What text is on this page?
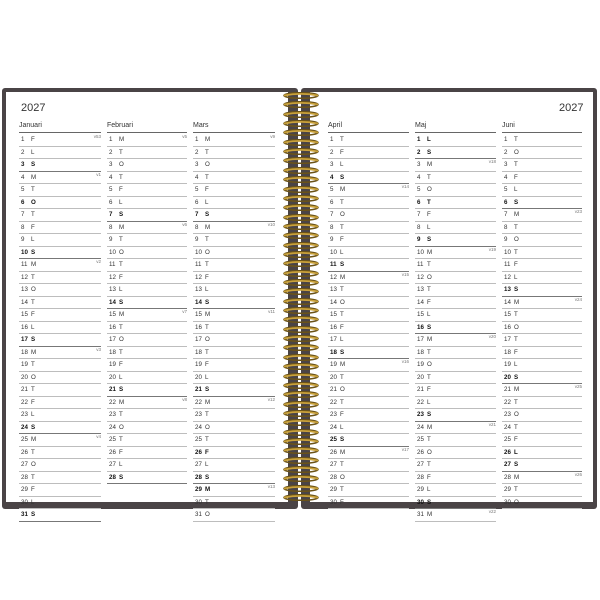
2027	2027
Januari
1 F	v53
2 L
3 S
4 M	v1
5 T
6 O
7 T
8 F
9 L
10 S
11 M	v2
12 T
13 O
14 T
15 F
16 L
17 S
18 M	v3
19 T
20 O
21 T
22 F
23 L
24 S
25 M	v4
26 T
27 O
28 T
29 F
30 L
31 S
Februari
1 M	v5
2 T
3 O
4 T
5 F
6 L
7 S
8 M	v6
9 T
10 O
11 T
12 F
13 L
14 S
15 M	v7
16 T
17 O
18 T
19 F
20 L
21 S
22 M	v8
23 T
24 O
25 T
26 F
27 L
28 S
Mars
1 M	v9
2 T
3 O
4 T
5 F
6 L
7 S
8 M	v10
9 T
10 O
11 T
12 F
13 L
14 S
15 M	v11
16 T
17 O
18 T
19 F
20 L
21 S
22 M	v12
23 T
24 O
25 T
26 F
27 L
28 S
29 M	v13
30 T
31 O
April
1 T
2 F
3 L
4 S
5 M	v14
6 T
7 O
8 T
9 F
10 L
11 S
12 M	v15
13 T
14 O
15 T
16 F
17 L
18 S
19 M	v16
20 T
21 O
22 T
23 F
24 L
25 S
26 M	v17
27 T
28 O
29 T
30 F
Maj
1 L
2 S
3 M	v18
4 T
5 O
6 T
7 F
8 L
9 S
10 M	v19
11 T
12 O
13 T
14 F
15 L
16 S
17 M	v20
18 T
19 O
20 T
21 F
22 L
23 S
24 M	v21
25 T
26 O
27 T
28 F
29 L
30 S
31 M	v22
Juni
1 T
2 O
3 T
4 F
5 L
6 S
7 M	v23
8 T
9 O
10 T
11 F
12 L
13 S
14 M	v24
15 T
16 O
17 T
18 F
19 L
20 S
21 M	v25
22 T
23 O
24 T
25 F
26 L
27 S
28 M	v26
29 T
30 O
